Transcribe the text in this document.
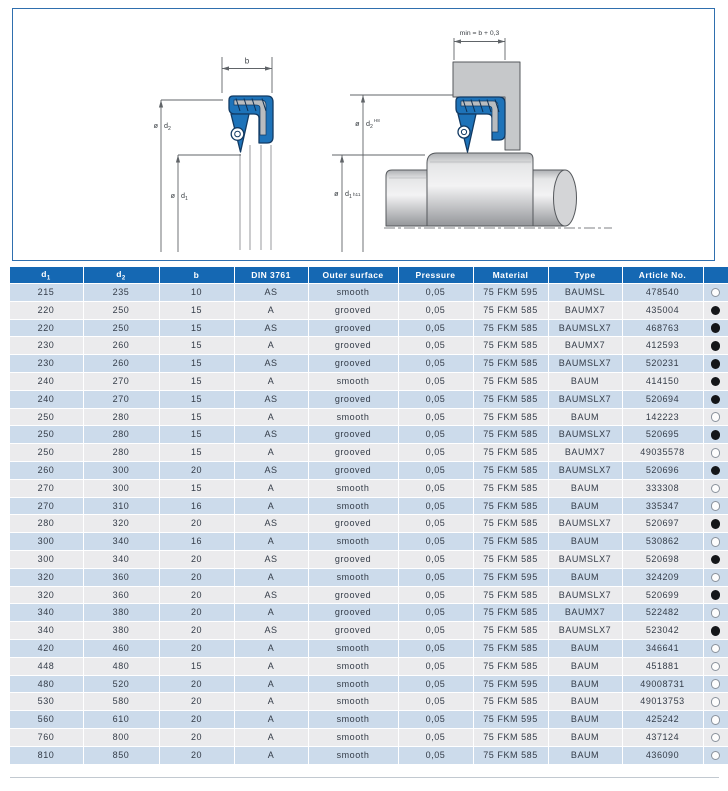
b
ø $d_2$
ø $d_1$
min = b + 0,3
ø $d_2^{H8}$
ø $d_1^{h11}$
$d_1$	$d_2$	b	DIN 3761	Outer surface	Pressure	Material	Type	Article No.	
215	235	10	AS	smooth	0,05	75 FKM 595	BAUMSL	478540	
220	250	15	A	grooved	0,05	75 FKM 585	BAUMX7	435004	
220	250	15	AS	grooved	0,05	75 FKM 585	BAUMSLX7	468763	
230	260	15	A	grooved	0,05	75 FKM 585	BAUMX7	412593	
230	260	15	AS	grooved	0,05	75 FKM 585	BAUMSLX7	520231	
240	270	15	A	smooth	0,05	75 FKM 585	BAUM	414150	
240	270	15	AS	grooved	0,05	75 FKM 585	BAUMSLX7	520694	
250	280	15	A	smooth	0,05	75 FKM 585	BAUM	142223	
250	280	15	AS	grooved	0,05	75 FKM 585	BAUMSLX7	520695	
250	280	15	A	grooved	0,05	75 FKM 585	BAUMX7	49035578	
260	300	20	AS	grooved	0,05	75 FKM 585	BAUMSLX7	520696	
270	300	15	A	smooth	0,05	75 FKM 585	BAUM	333308	
270	310	16	A	smooth	0,05	75 FKM 585	BAUM	335347	
280	320	20	AS	grooved	0,05	75 FKM 585	BAUMSLX7	520697	
300	340	16	A	smooth	0,05	75 FKM 585	BAUM	530862	
300	340	20	AS	grooved	0,05	75 FKM 585	BAUMSLX7	520698	
320	360	20	A	smooth	0,05	75 FKM 595	BAUM	324209	
320	360	20	AS	grooved	0,05	75 FKM 585	BAUMSLX7	520699	
340	380	20	A	grooved	0,05	75 FKM 585	BAUMX7	522482	
340	380	20	AS	grooved	0,05	75 FKM 585	BAUMSLX7	523042	
420	460	20	A	smooth	0,05	75 FKM 585	BAUM	346641	
448	480	15	A	smooth	0,05	75 FKM 585	BAUM	451881	
480	520	20	A	smooth	0,05	75 FKM 595	BAUM	49008731	
530	580	20	A	smooth	0,05	75 FKM 585	BAUM	49013753	
560	610	20	A	smooth	0,05	75 FKM 595	BAUM	425242	
760	800	20	A	smooth	0,05	75 FKM 585	BAUM	437124	
810	850	20	A	smooth	0,05	75 FKM 585	BAUM	436090	
